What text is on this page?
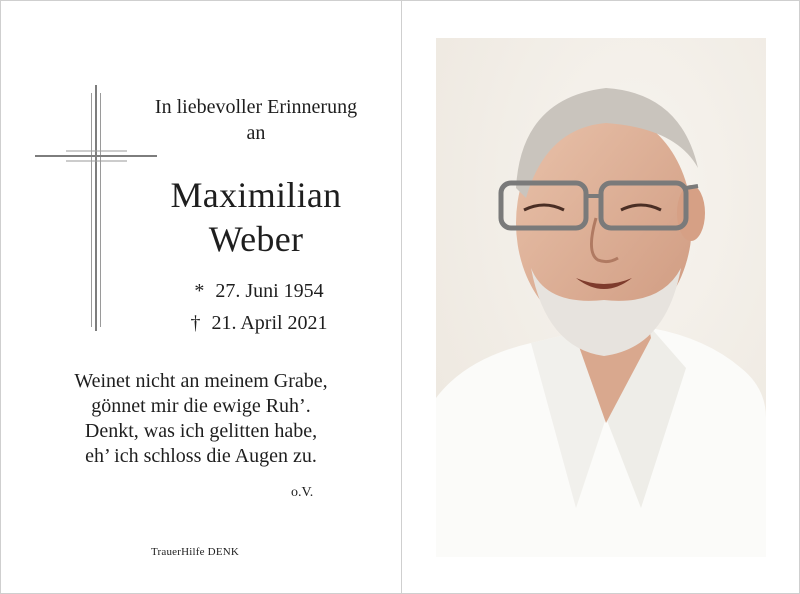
In liebevoller Erinnerung
an
Maximilian
Weber
* 27. Juni 1954
† 21. April 2021
Weinet nicht an meinem Grabe,
gönnet mir die ewige Ruh’.
Denkt, was ich gelitten habe,
eh’ ich schloss die Augen zu.
o.V.
TrauerHilfe DENK
